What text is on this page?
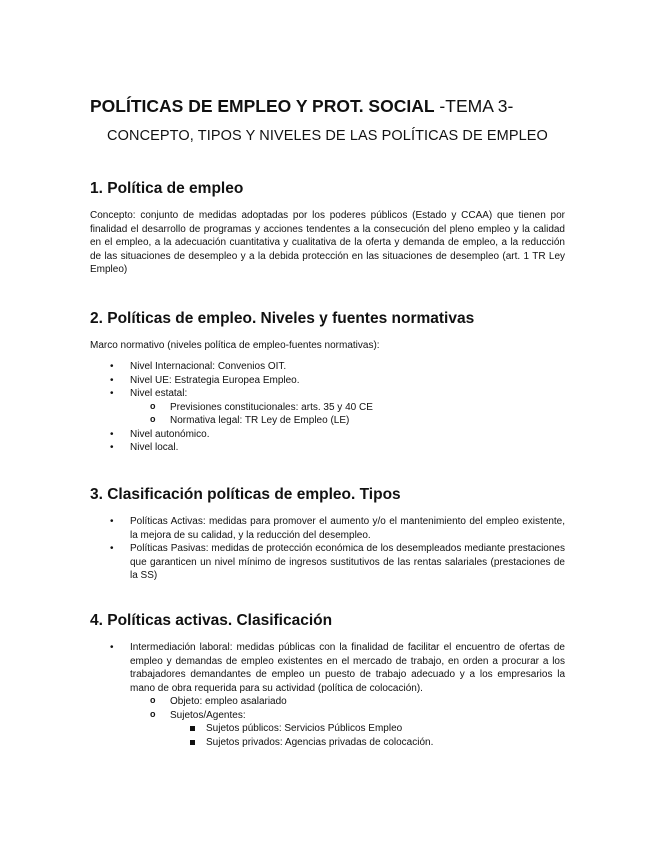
POLÍTICAS DE EMPLEO Y PROT. SOCIAL -TEMA 3-
CONCEPTO, TIPOS Y NIVELES DE LAS POLÍTICAS DE EMPLEO
1. Política de empleo

Concepto: conjunto de medidas adoptadas por los poderes públicos (Estado y CCAA) que tienen por finalidad el desarrollo de programas y acciones tendentes a la consecución del pleno empleo y la calidad en el empleo, a la adecuación cuantitativa y cualitativa de la oferta y demanda de empleo, a la reducción de las situaciones de desempleo y a la debida protección en las situaciones de desempleo (art. 1 TR Ley Empleo)

2. Políticas de empleo. Niveles y fuentes normativas

Marco normativo (niveles política de empleo-fuentes normativas):

• Nivel Internacional: Convenios OIT.
• Nivel UE: Estrategia Europea Empleo.
• Nivel estatal:
o Previsiones constitucionales: arts. 35 y 40 CE
o Normativa legal: TR Ley de Empleo (LE)
• Nivel autonómico.
• Nivel local.
3. Clasificación políticas de empleo. Tipos
• Políticas Activas: medidas para promover el aumento y/o el mantenimiento del empleo existente, la mejora de su calidad, y la reducción del desempleo.
• Políticas Pasivas: medidas de protección económica de los desempleados mediante prestaciones que garanticen un nivel mínimo de ingresos sustitutivos de las rentas salariales (prestaciones de la SS)
4. Políticas activas. Clasificación
• Intermediación laboral: medidas públicas con la finalidad de facilitar el encuentro de ofertas de empleo y demandas de empleo existentes en el mercado de trabajo, en orden a procurar a los trabajadores demandantes de empleo un puesto de trabajo adecuado y a los empresarios la mano de obra requerida para su actividad (política de colocación).
o Objeto: empleo asalariado
o Sujetos/Agentes:
Sujetos públicos: Servicios Públicos Empleo
Sujetos privados: Agencias privadas de colocación.
